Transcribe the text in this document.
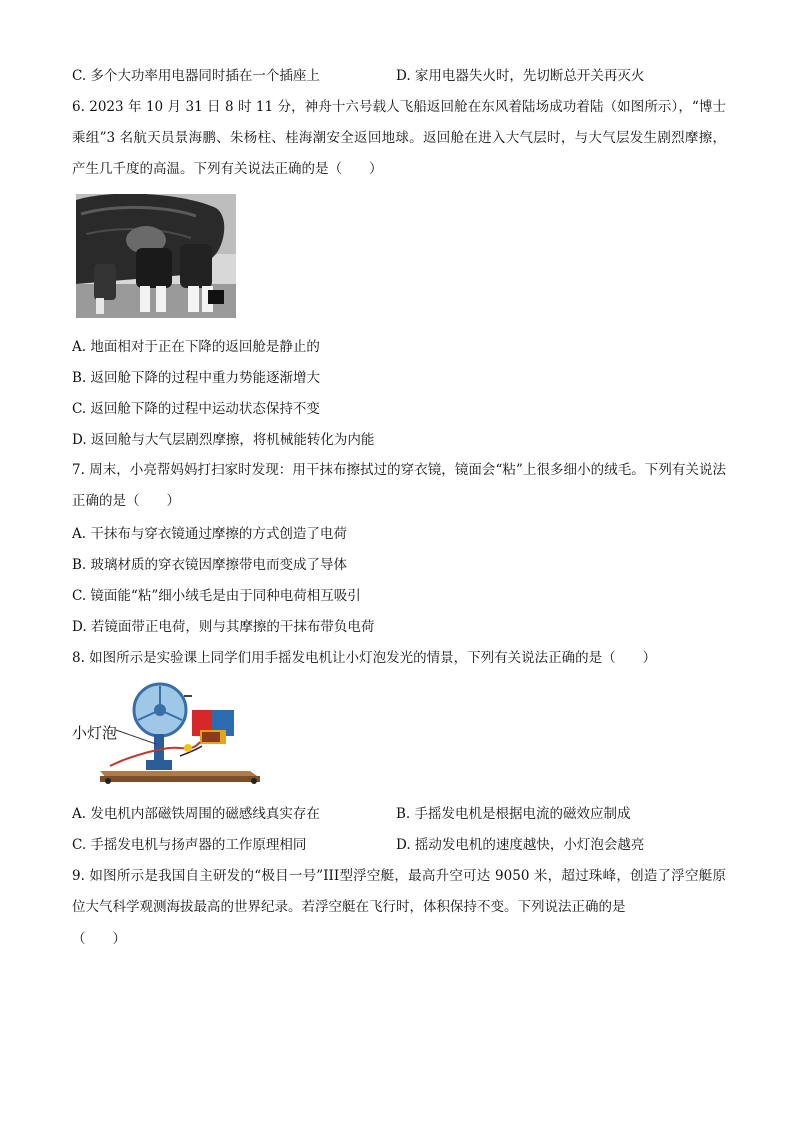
C. 多个大功率用电器同时插在一个插座上	D. 家用电器失火时，先切断总开关再灭火
6. 2023 年 10 月 31 日 8 时 11 分，神舟十六号载人飞船返回舱在东风着陆场成功着陆（如图所示），“博士乘组”3 名航天员景海鹏、朱杨柱、桂海潮安全返回地球。返回舱在进入大气层时，与大气层发生剧烈摩擦，产生几千度的高温。下列有关说法正确的是（　　）
A. 地面相对于正在下降的返回舱是静止的
B. 返回舱下降的过程中重力势能逐渐增大
C. 返回舱下降的过程中运动状态保持不变
D. 返回舱与大气层剧烈摩擦，将机械能转化为内能
7. 周末，小亮帮妈妈打扫家时发现：用干抹布擦拭过的穿衣镜，镜面会“粘”上很多细小的绒毛。下列有关说法正确的是（　　）
A. 干抹布与穿衣镜通过摩擦的方式创造了电荷
B. 玻璃材质的穿衣镜因摩擦带电而变成了导体
C. 镜面能“粘”细小绒毛是由于同种电荷相互吸引
D. 若镜面带正电荷，则与其摩擦的干抹布带负电荷
8. 如图所示是实验课上同学们用手摇发电机让小灯泡发光的情景，下列有关说法正确的是（　　）
小灯泡
A. 发电机内部磁铁周围的磁感线真实存在	B. 手摇发电机是根据电流的磁效应制成
C. 手摇发电机与扬声器的工作原理相同	D. 摇动发电机的速度越快，小灯泡会越亮
9. 如图所示是我国自主研发的“极目一号”III型浮空艇，最高升空可达 9050 米，超过珠峰，创造了浮空艇原位大气科学观测海拔最高的世界纪录。若浮空艇在飞行时，体积保持不变。下列说法正确的是
（　　）
